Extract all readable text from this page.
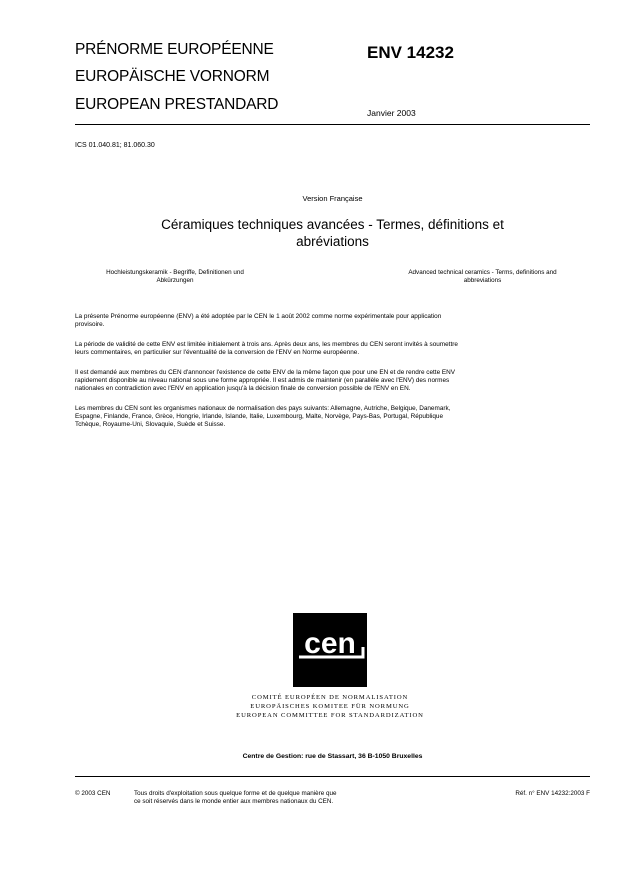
PRÉNORME EUROPÉENNE
EUROPÄISCHE VORNORM
EUROPEAN PRESTANDARD
ENV 14232
Janvier 2003
ICS 01.040.81; 81.060.30
Version Française
Céramiques techniques avancées - Termes, définitions et
abréviations
Hochleistungskeramik - Begriffe, Definitionen und
Abkürzungen
Advanced technical ceramics - Terms, definitions and
abbreviations
La présente Prénorme européenne (ENV) a été adoptée par le CEN le 1 août 2002 comme norme expérimentale pour application
provisoire.
La période de validité de cette ENV est limitée initialement à trois ans. Après deux ans, les membres du CEN seront invités à soumettre
leurs commentaires, en particulier sur l'éventualité de la conversion de l'ENV en Norme européenne.
Il est demandé aux membres du CEN d'annoncer l'existence de cette ENV de la même façon que pour une EN et de rendre cette ENV
rapidement disponible au niveau national sous une forme appropriée. Il est admis de maintenir (en parallèle avec l'ENV) des normes
nationales en contradiction avec l'ENV en application jusqu'à la décision finale de conversion possible de l'ENV en EN.
Les membres du CEN sont les organismes nationaux de normalisation des pays suivants: Allemagne, Autriche, Belgique, Danemark,
Espagne, Finlande, France, Grèce, Hongrie, Irlande, Islande, Italie, Luxembourg, Malte, Norvège, Pays-Bas, Portugal, République
Tchèque, Royaume-Uni, Slovaquie, Suède et Suisse.
cen
COMITÉ EUROPÉEN DE NORMALISATION
EUROPÄISCHES KOMITEE FÜR NORMUNG
EUROPEAN COMMITTEE FOR STANDARDIZATION
Centre de Gestion: rue de Stassart, 36 B-1050 Bruxelles
© 2003 CEN	Tous droits d'exploitation sous quelque forme et de quelque manière que
ce soit réservés dans le monde entier aux membres nationaux du CEN.
Réf. n° ENV 14232:2003 F
